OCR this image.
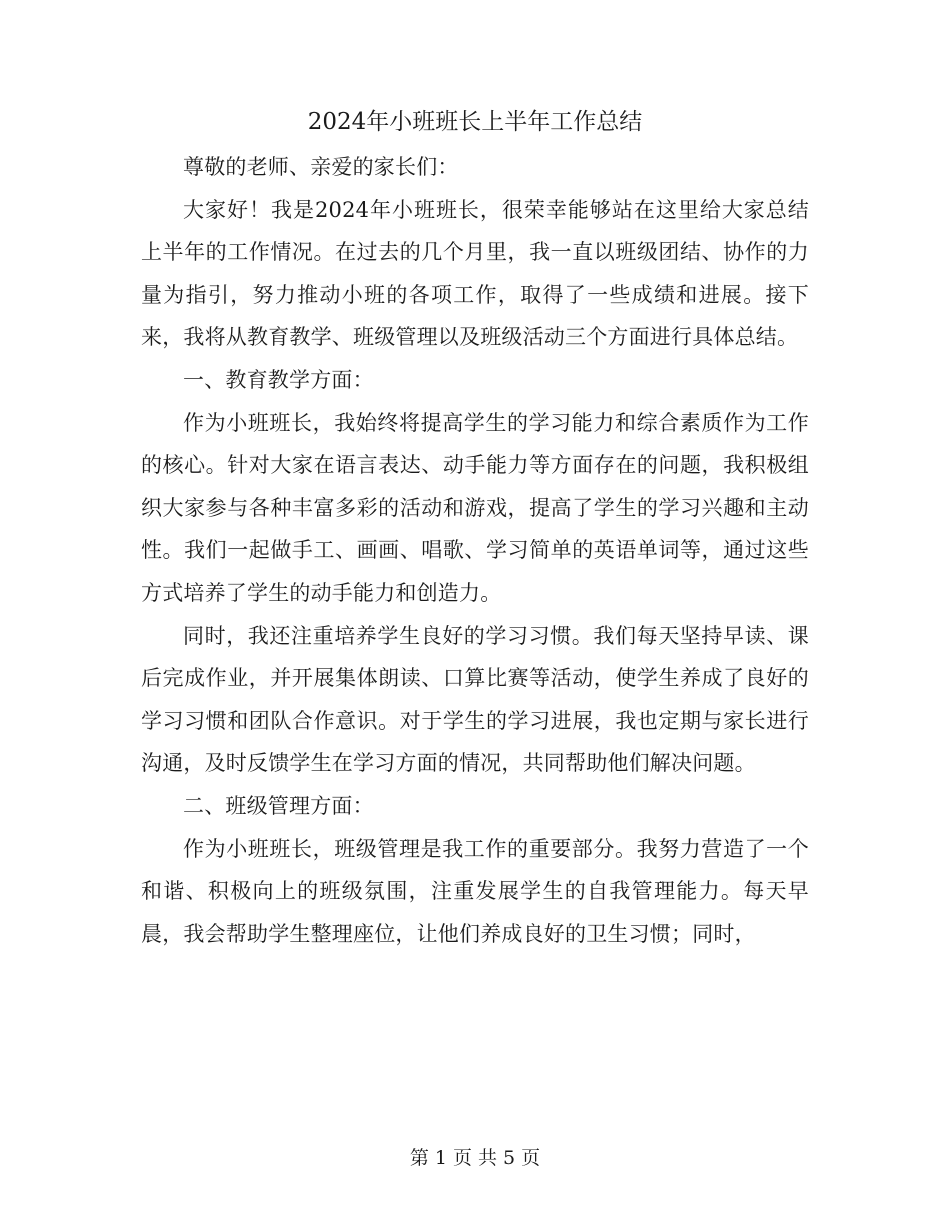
2024年小班班长上半年工作总结

尊敬的老师、亲爱的家长们：

大家好！我是2024年小班班长，很荣幸能够站在这里给大家总结上半年的工作情况。在过去的几个月里，我一直以班级团结、协作的力量为指引，努力推动小班的各项工作，取得了一些成绩和进展。接下来，我将从教育教学、班级管理以及班级活动三个方面进行具体总结。

一、教育教学方面：

作为小班班长，我始终将提高学生的学习能力和综合素质作为工作的核心。针对大家在语言表达、动手能力等方面存在的问题，我积极组织大家参与各种丰富多彩的活动和游戏，提高了学生的学习兴趣和主动性。我们一起做手工、画画、唱歌、学习简单的英语单词等，通过这些方式培养了学生的动手能力和创造力。

同时，我还注重培养学生良好的学习习惯。我们每天坚持早读、课后完成作业，并开展集体朗读、口算比赛等活动，使学生养成了良好的学习习惯和团队合作意识。对于学生的学习进展，我也定期与家长进行沟通，及时反馈学生在学习方面的情况，共同帮助他们解决问题。

二、班级管理方面：

作为小班班长，班级管理是我工作的重要部分。我努力营造了一个和谐、积极向上的班级氛围，注重发展学生的自我管理能力。每天早晨，我会帮助学生整理座位，让他们养成良好的卫生习惯；同时，

第 1 页 共 5 页
